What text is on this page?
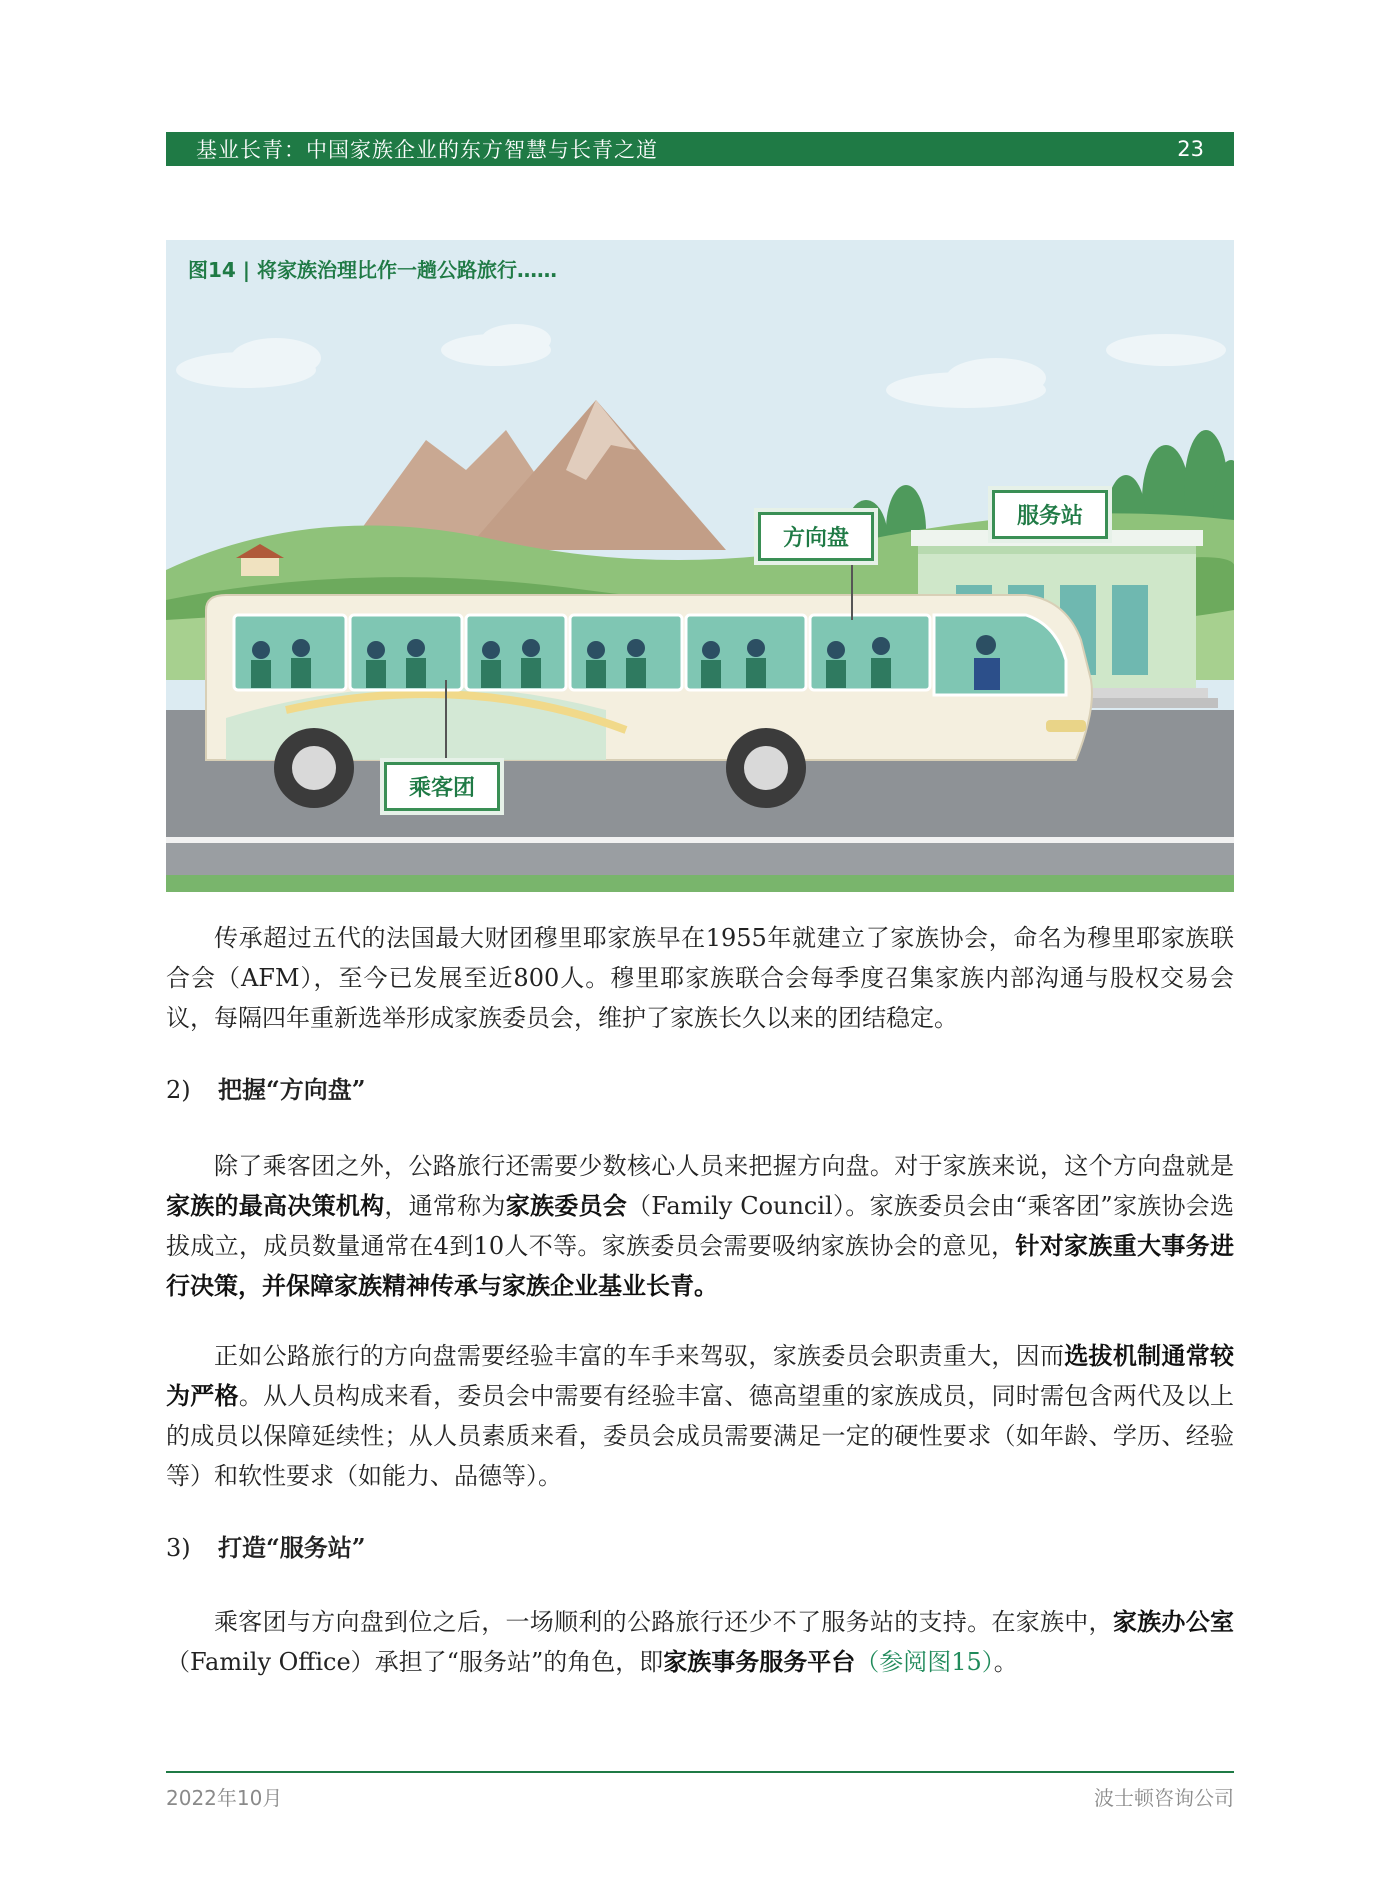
基业长青：中国家族企业的东方智慧与长青之道	23
图14 | 将家族治理比作一趟公路旅行……
方向盘
服务站
乘客团

传承超过五代的法国最大财团穆里耶家族早在1955年就建立了家族协会，命名为穆里耶家族联合会（AFM），至今已发展至近800人。穆里耶家族联合会每季度召集家族内部沟通与股权交易会议，每隔四年重新选举形成家族委员会，维护了家族长久以来的团结稳定。

2) 把握“方向盘”

除了乘客团之外，公路旅行还需要少数核心人员来把握方向盘。对于家族来说，这个方向盘就是家族的最高决策机构，通常称为家族委员会（Family Council）。家族委员会由“乘客团”家族协会选拔成立，成员数量通常在4到10人不等。家族委员会需要吸纳家族协会的意见，针对家族重大事务进行决策，并保障家族精神传承与家族企业基业长青。

正如公路旅行的方向盘需要经验丰富的车手来驾驭，家族委员会职责重大，因而选拔机制通常较为严格。从人员构成来看，委员会中需要有经验丰富、德高望重的家族成员，同时需包含两代及以上的成员以保障延续性；从人员素质来看，委员会成员需要满足一定的硬性要求（如年龄、学历、经验等）和软性要求（如能力、品德等）。

3) 打造“服务站”

乘客团与方向盘到位之后，一场顺利的公路旅行还少不了服务站的支持。在家族中，家族办公室（Family Office）承担了“服务站”的角色，即家族事务服务平台（参阅图15）。

2022年10月	波士顿咨询公司
